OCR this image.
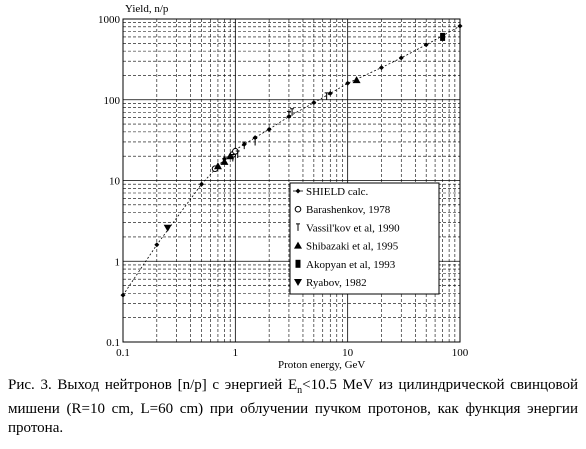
0.1	1	10	100
0.1
1
10
100
1000
Yield, n/p
Proton energy, GeV
SHIELD calc.
Barashenkov, 1978
Vassil'kov et al, 1990
Shibazaki et al, 1995
Akopyan et al, 1993
Ryabov, 1982
Рис. 3. Выход нейтронов [n/p] с энергией $E_n<10.5$ MeV из цилиндрической свинцовой мишени (R=10 cm, L=60 cm) при облучении пучком протонов, как функция энергии протона.
